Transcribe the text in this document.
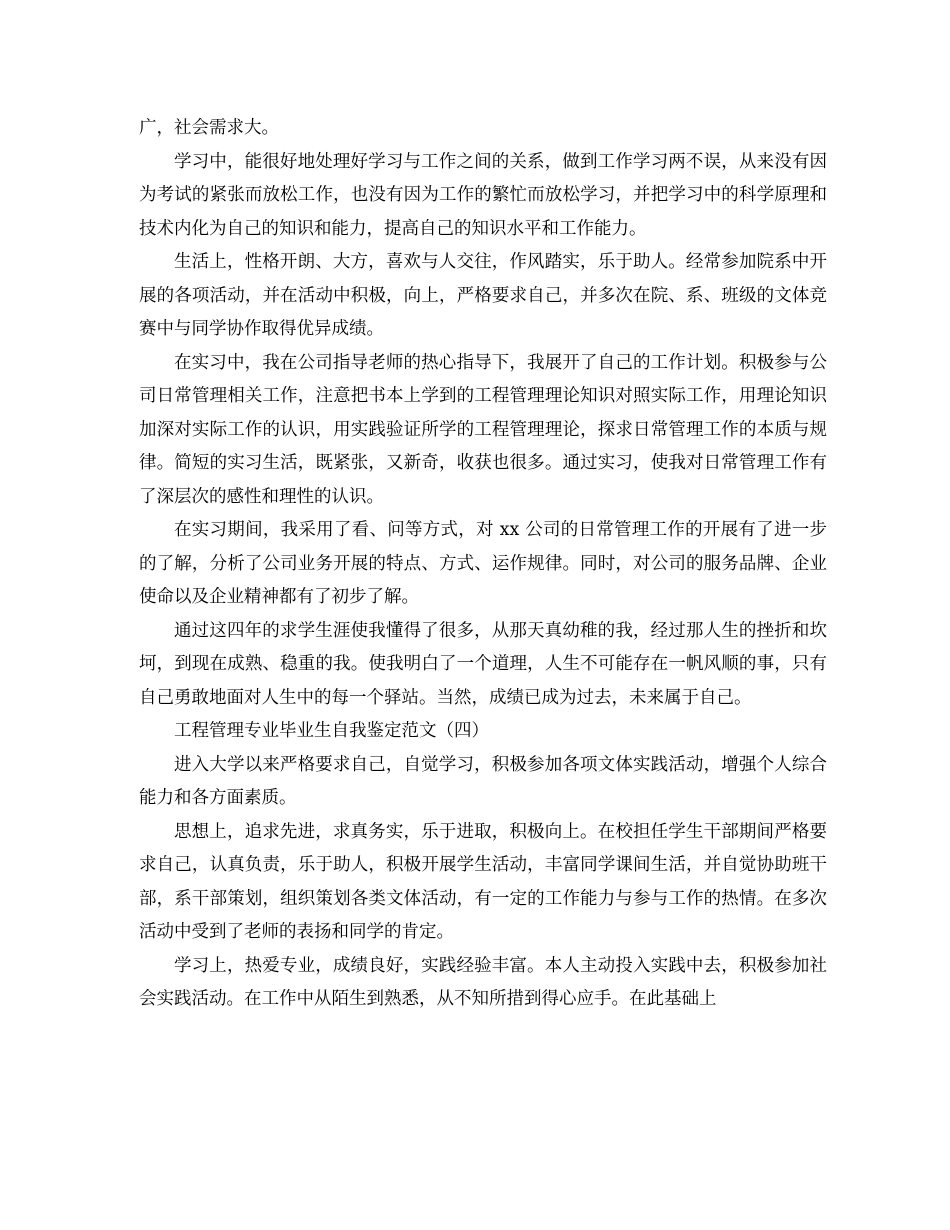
广，社会需求大。

学习中，能很好地处理好学习与工作之间的关系，做到工作学习两不误，从来没有因为考试的紧张而放松工作，也没有因为工作的繁忙而放松学习，并把学习中的科学原理和技术内化为自己的知识和能力，提高自己的知识水平和工作能力。

生活上，性格开朗、大方，喜欢与人交往，作风踏实，乐于助人。经常参加院系中开展的各项活动，并在活动中积极，向上，严格要求自己，并多次在院、系、班级的文体竞赛中与同学协作取得优异成绩。

在实习中，我在公司指导老师的热心指导下，我展开了自己的工作计划。积极参与公司日常管理相关工作，注意把书本上学到的工程管理理论知识对照实际工作，用理论知识加深对实际工作的认识，用实践验证所学的工程管理理论，探求日常管理工作的本质与规律。简短的实习生活，既紧张，又新奇，收获也很多。通过实习，使我对日常管理工作有了深层次的感性和理性的认识。

在实习期间，我采用了看、问等方式，对 xx 公司的日常管理工作的开展有了进一步的了解，分析了公司业务开展的特点、方式、运作规律。同时，对公司的服务品牌、企业使命以及企业精神都有了初步了解。

通过这四年的求学生涯使我懂得了很多，从那天真幼稚的我，经过那人生的挫折和坎坷，到现在成熟、稳重的我。使我明白了一个道理，人生不可能存在一帆风顺的事，只有自己勇敢地面对人生中的每一个驿站。当然，成绩已成为过去，未来属于自己。

工程管理专业毕业生自我鉴定范文（四）

进入大学以来严格要求自己，自觉学习，积极参加各项文体实践活动，增强个人综合能力和各方面素质。

思想上，追求先进，求真务实，乐于进取，积极向上。在校担任学生干部期间严格要求自己，认真负责，乐于助人，积极开展学生活动，丰富同学课间生活，并自觉协助班干部，系干部策划，组织策划各类文体活动，有一定的工作能力与参与工作的热情。在多次活动中受到了老师的表扬和同学的肯定。

学习上，热爱专业，成绩良好，实践经验丰富。本人主动投入实践中去，积极参加社会实践活动。在工作中从陌生到熟悉，从不知所措到得心应手。在此基础上
